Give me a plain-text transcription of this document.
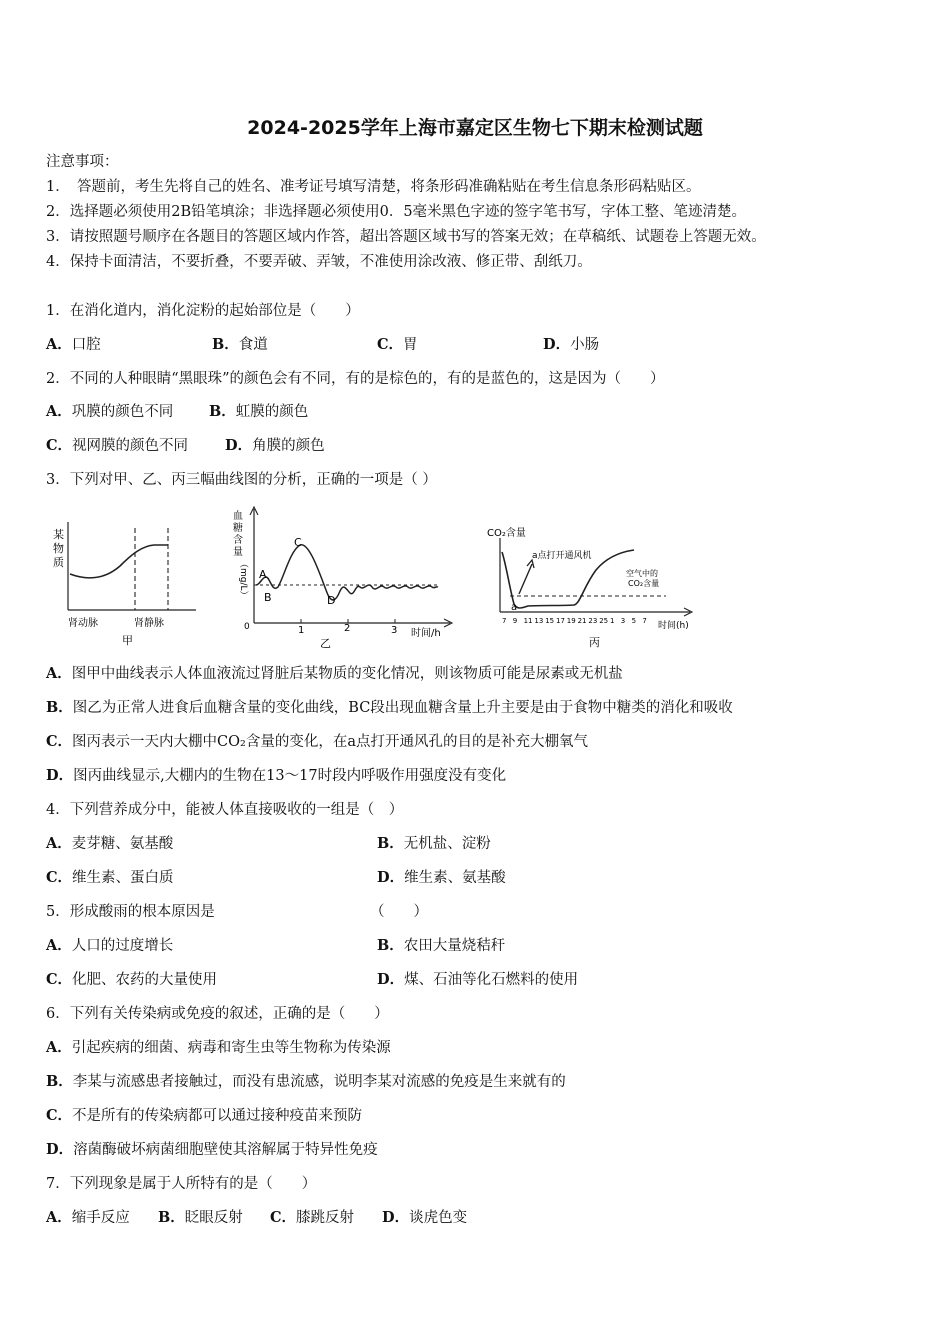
2024-2025学年上海市嘉定区生物七下期末检测试题
注意事项：
1．　答题前，考生先将自己的姓名、准考证号填写清楚，将条形码准确粘贴在考生信息条形码粘贴区。
2．选择题必须使用2B铅笔填涂；非选择题必须使用0．5毫米黑色字迹的签字笔书写，字体工整、笔迹清楚。
3．请按照题号顺序在各题目的答题区域内作答，超出答题区域书写的答案无效；在草稿纸、试题卷上答题无效。
4．保持卡面清洁，不要折叠，不要弄破、弄皱，不准使用涂改液、修正带、刮纸刀。
1．在消化道内，消化淀粉的起始部位是（　　）
A．口腔	B．食道	C．胃	D．小肠
2．不同的人种眼睛“黑眼珠”的颜色会有不同，有的是棕色的，有的是蓝色的，这是因为（　　）
A．巩膜的颜色不同 B．虹膜的颜色
C．视网膜的颜色不同	D．角膜的颜色
3．下列对甲、乙、丙三幅曲线图的分析，正确的一项是（ ）
某
物
质
肾动脉	肾静脉
甲
血
糖
含
量
（mg/L） A
B
C
D
0	1	2	3 时间/h
乙
CO₂含量
a点打开通风机
空气中的
CO₂含量
a
7 9 11 13 15 17 19 21 23 25 1 3 5 7 时间(h)
丙
A．图甲中曲线表示人体血液流过肾脏后某物质的变化情况，则该物质可能是尿素或无机盐
B．图乙为正常人进食后血糖含量的变化曲线，BC段出现血糖含量上升主要是由于食物中糖类的消化和吸收
C．图丙表示一天内大棚中CO₂含量的变化，在a点打开通风孔的目的是补充大棚氧气
D．图丙曲线显示,大棚内的生物在13～17时段内呼吸作用强度没有变化
4．下列营养成分中，能被人体直接吸收的一组是（　）
A．麦芽糖、氨基酸	B．无机盐、淀粉
C．维生素、蛋白质	D．维生素、氨基酸
5．形成酸雨的根本原因是	（　　）
A．人口的过度增长	B．农田大量烧秸秆
C．化肥、农药的大量使用	D．煤、石油等化石燃料的使用
6．下列有关传染病或免疫的叙述，正确的是（　　）
A．引起疾病的细菌、病毒和寄生虫等生物称为传染源
B．李某与流感患者接触过，而没有患流感，说明李某对流感的免疫是生来就有的
C．不是所有的传染病都可以通过接种疫苗来预防
D．溶菌酶破坏病菌细胞壁使其溶解属于特异性免疫
7．下列现象是属于人所特有的是（　　）
A．缩手反应 B．眨眼反射 C．膝跳反射 D．谈虎色变
